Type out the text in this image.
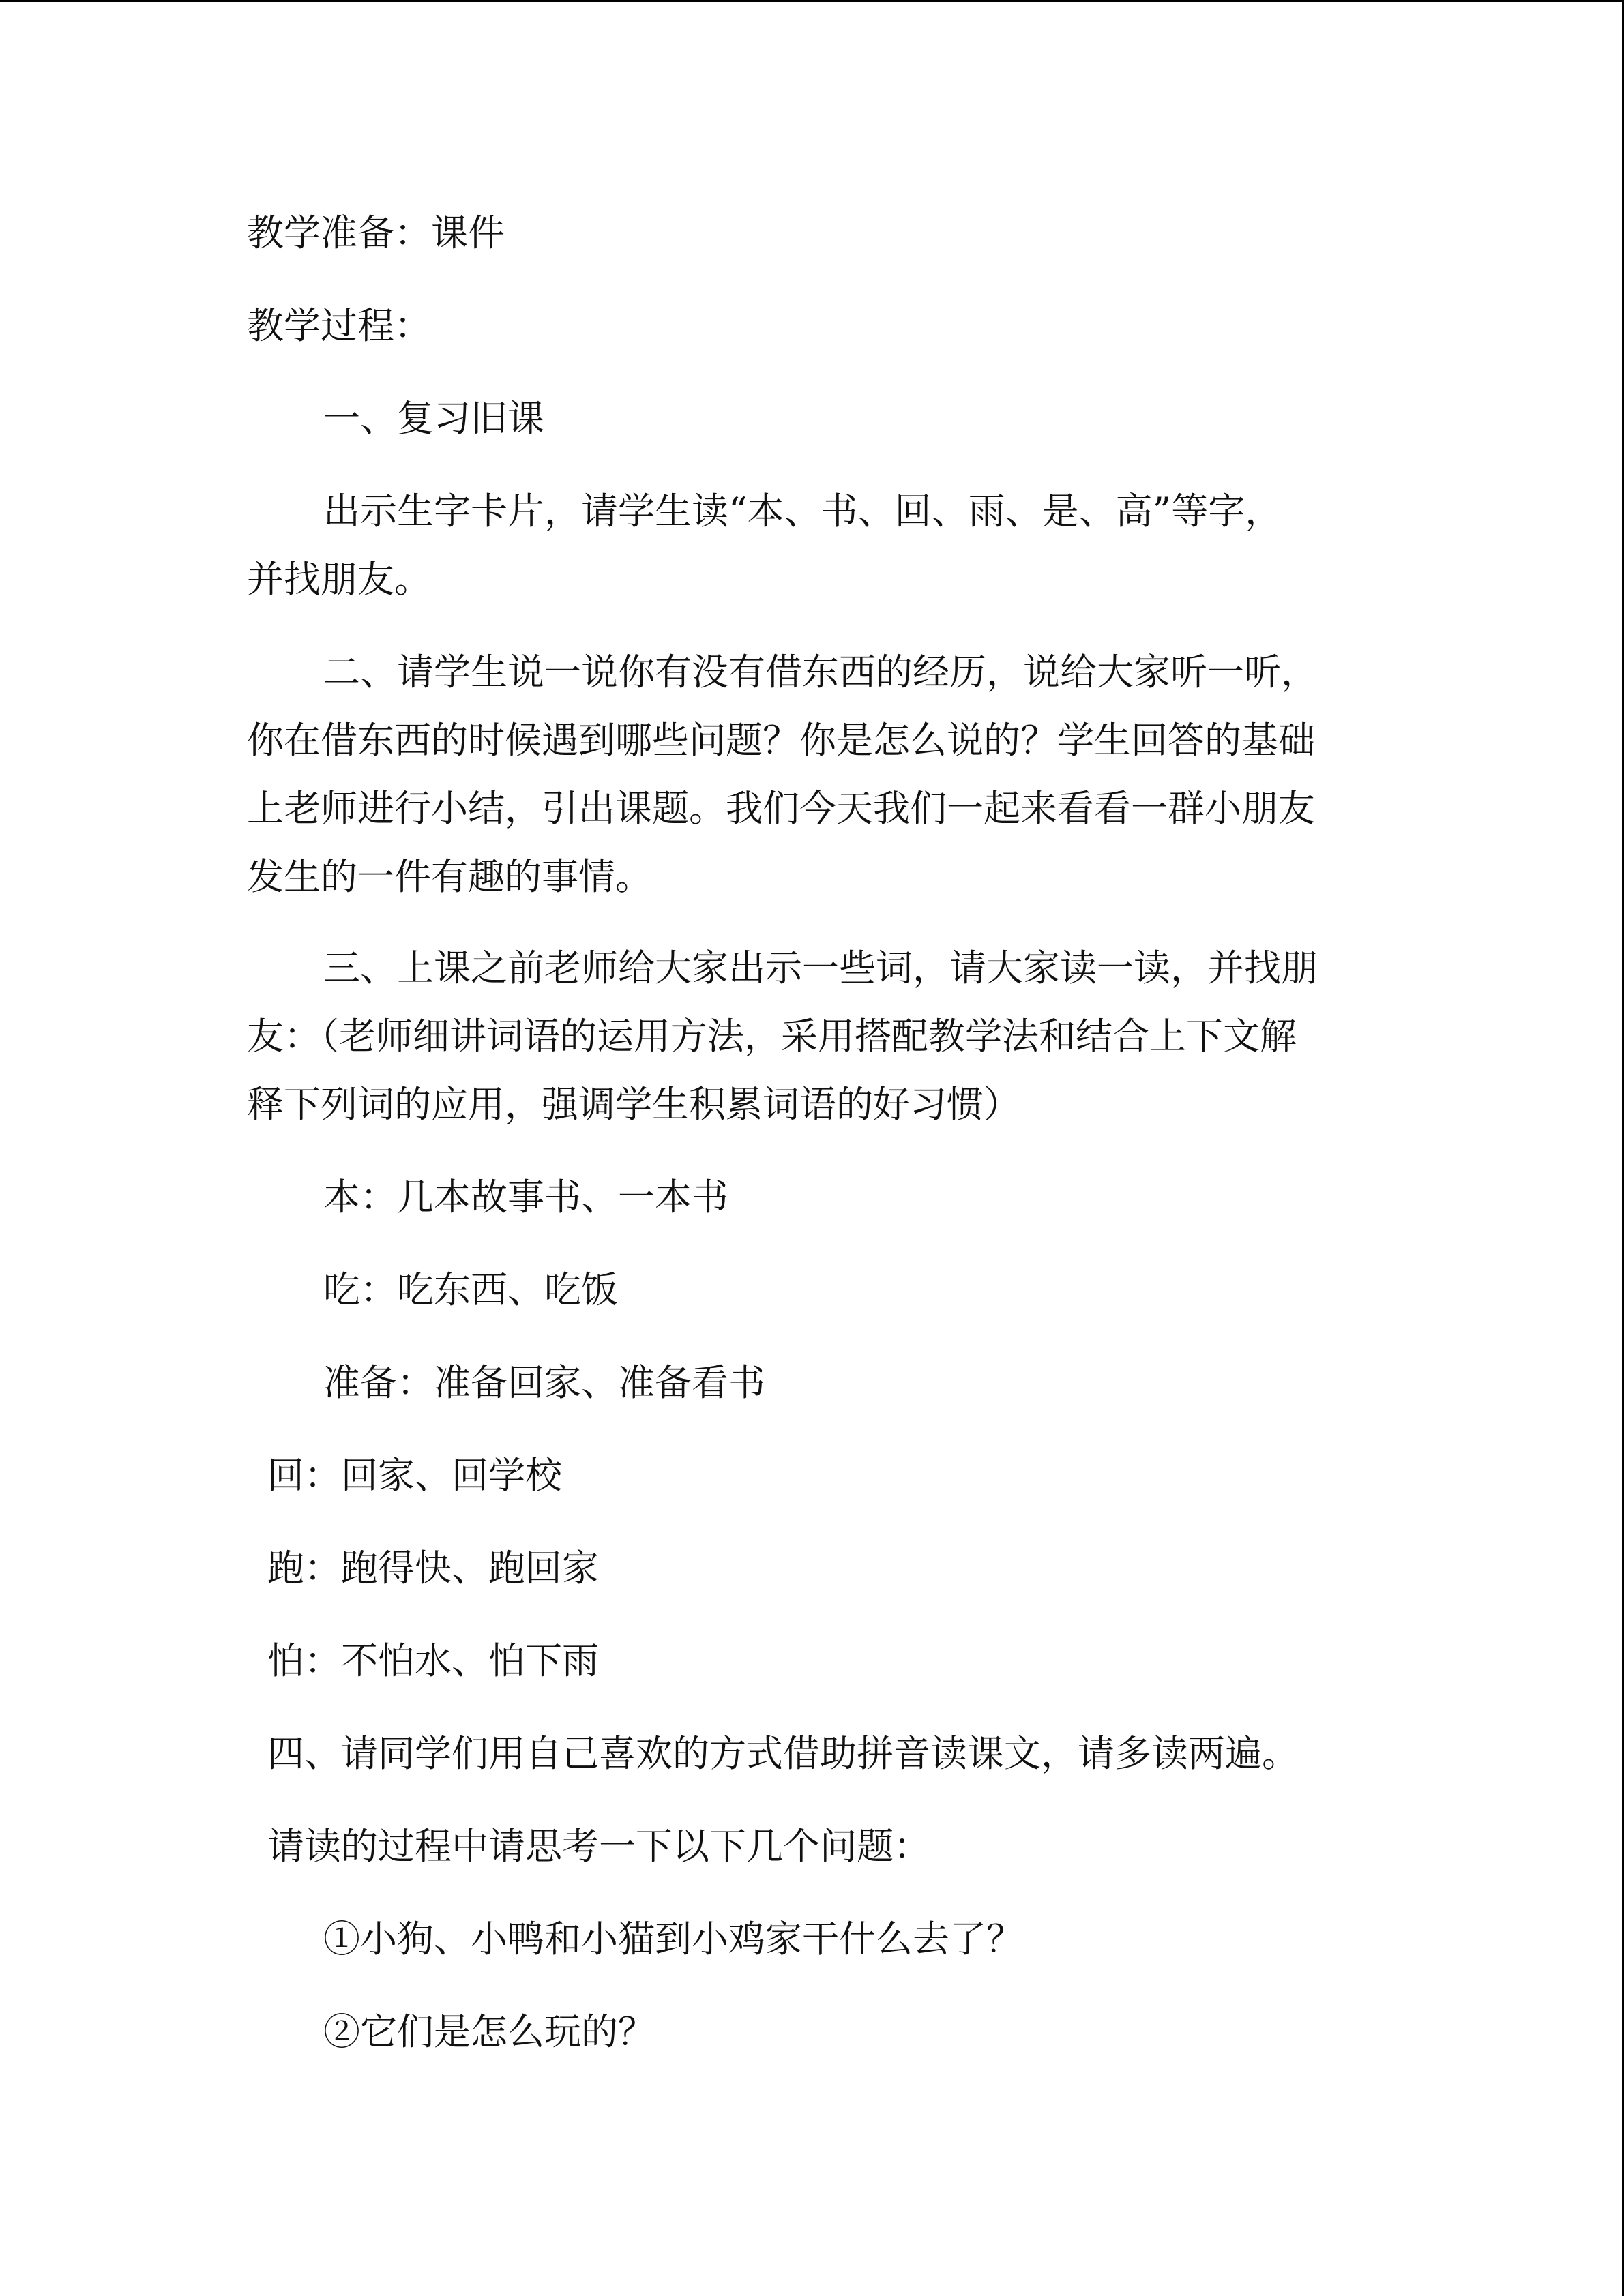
教学准备：课件
教学过程：
一、复习旧课
出示生字卡片，请学生读“本、书、回、雨、是、高”等字，
并找朋友。
二、请学生说一说你有没有借东西的经历，说给大家听一听，
你在借东西的时候遇到哪些问题？你是怎么说的？学生回答的基础
上老师进行小结，引出课题。我们今天我们一起来看看一群小朋友
发生的一件有趣的事情。
三、上课之前老师给大家出示一些词，请大家读一读，并找朋
友：（老师细讲词语的运用方法，采用搭配教学法和结合上下文解
释下列词的应用，强调学生积累词语的好习惯）
本：几本故事书、一本书
吃：吃东西、吃饭
准备：准备回家、准备看书
回：回家、回学校
跑：跑得快、跑回家
怕：不怕水、怕下雨
四、请同学们用自己喜欢的方式借助拼音读课文，请多读两遍。
请读的过程中请思考一下以下几个问题：
①小狗、小鸭和小猫到小鸡家干什么去了？
②它们是怎么玩的？
